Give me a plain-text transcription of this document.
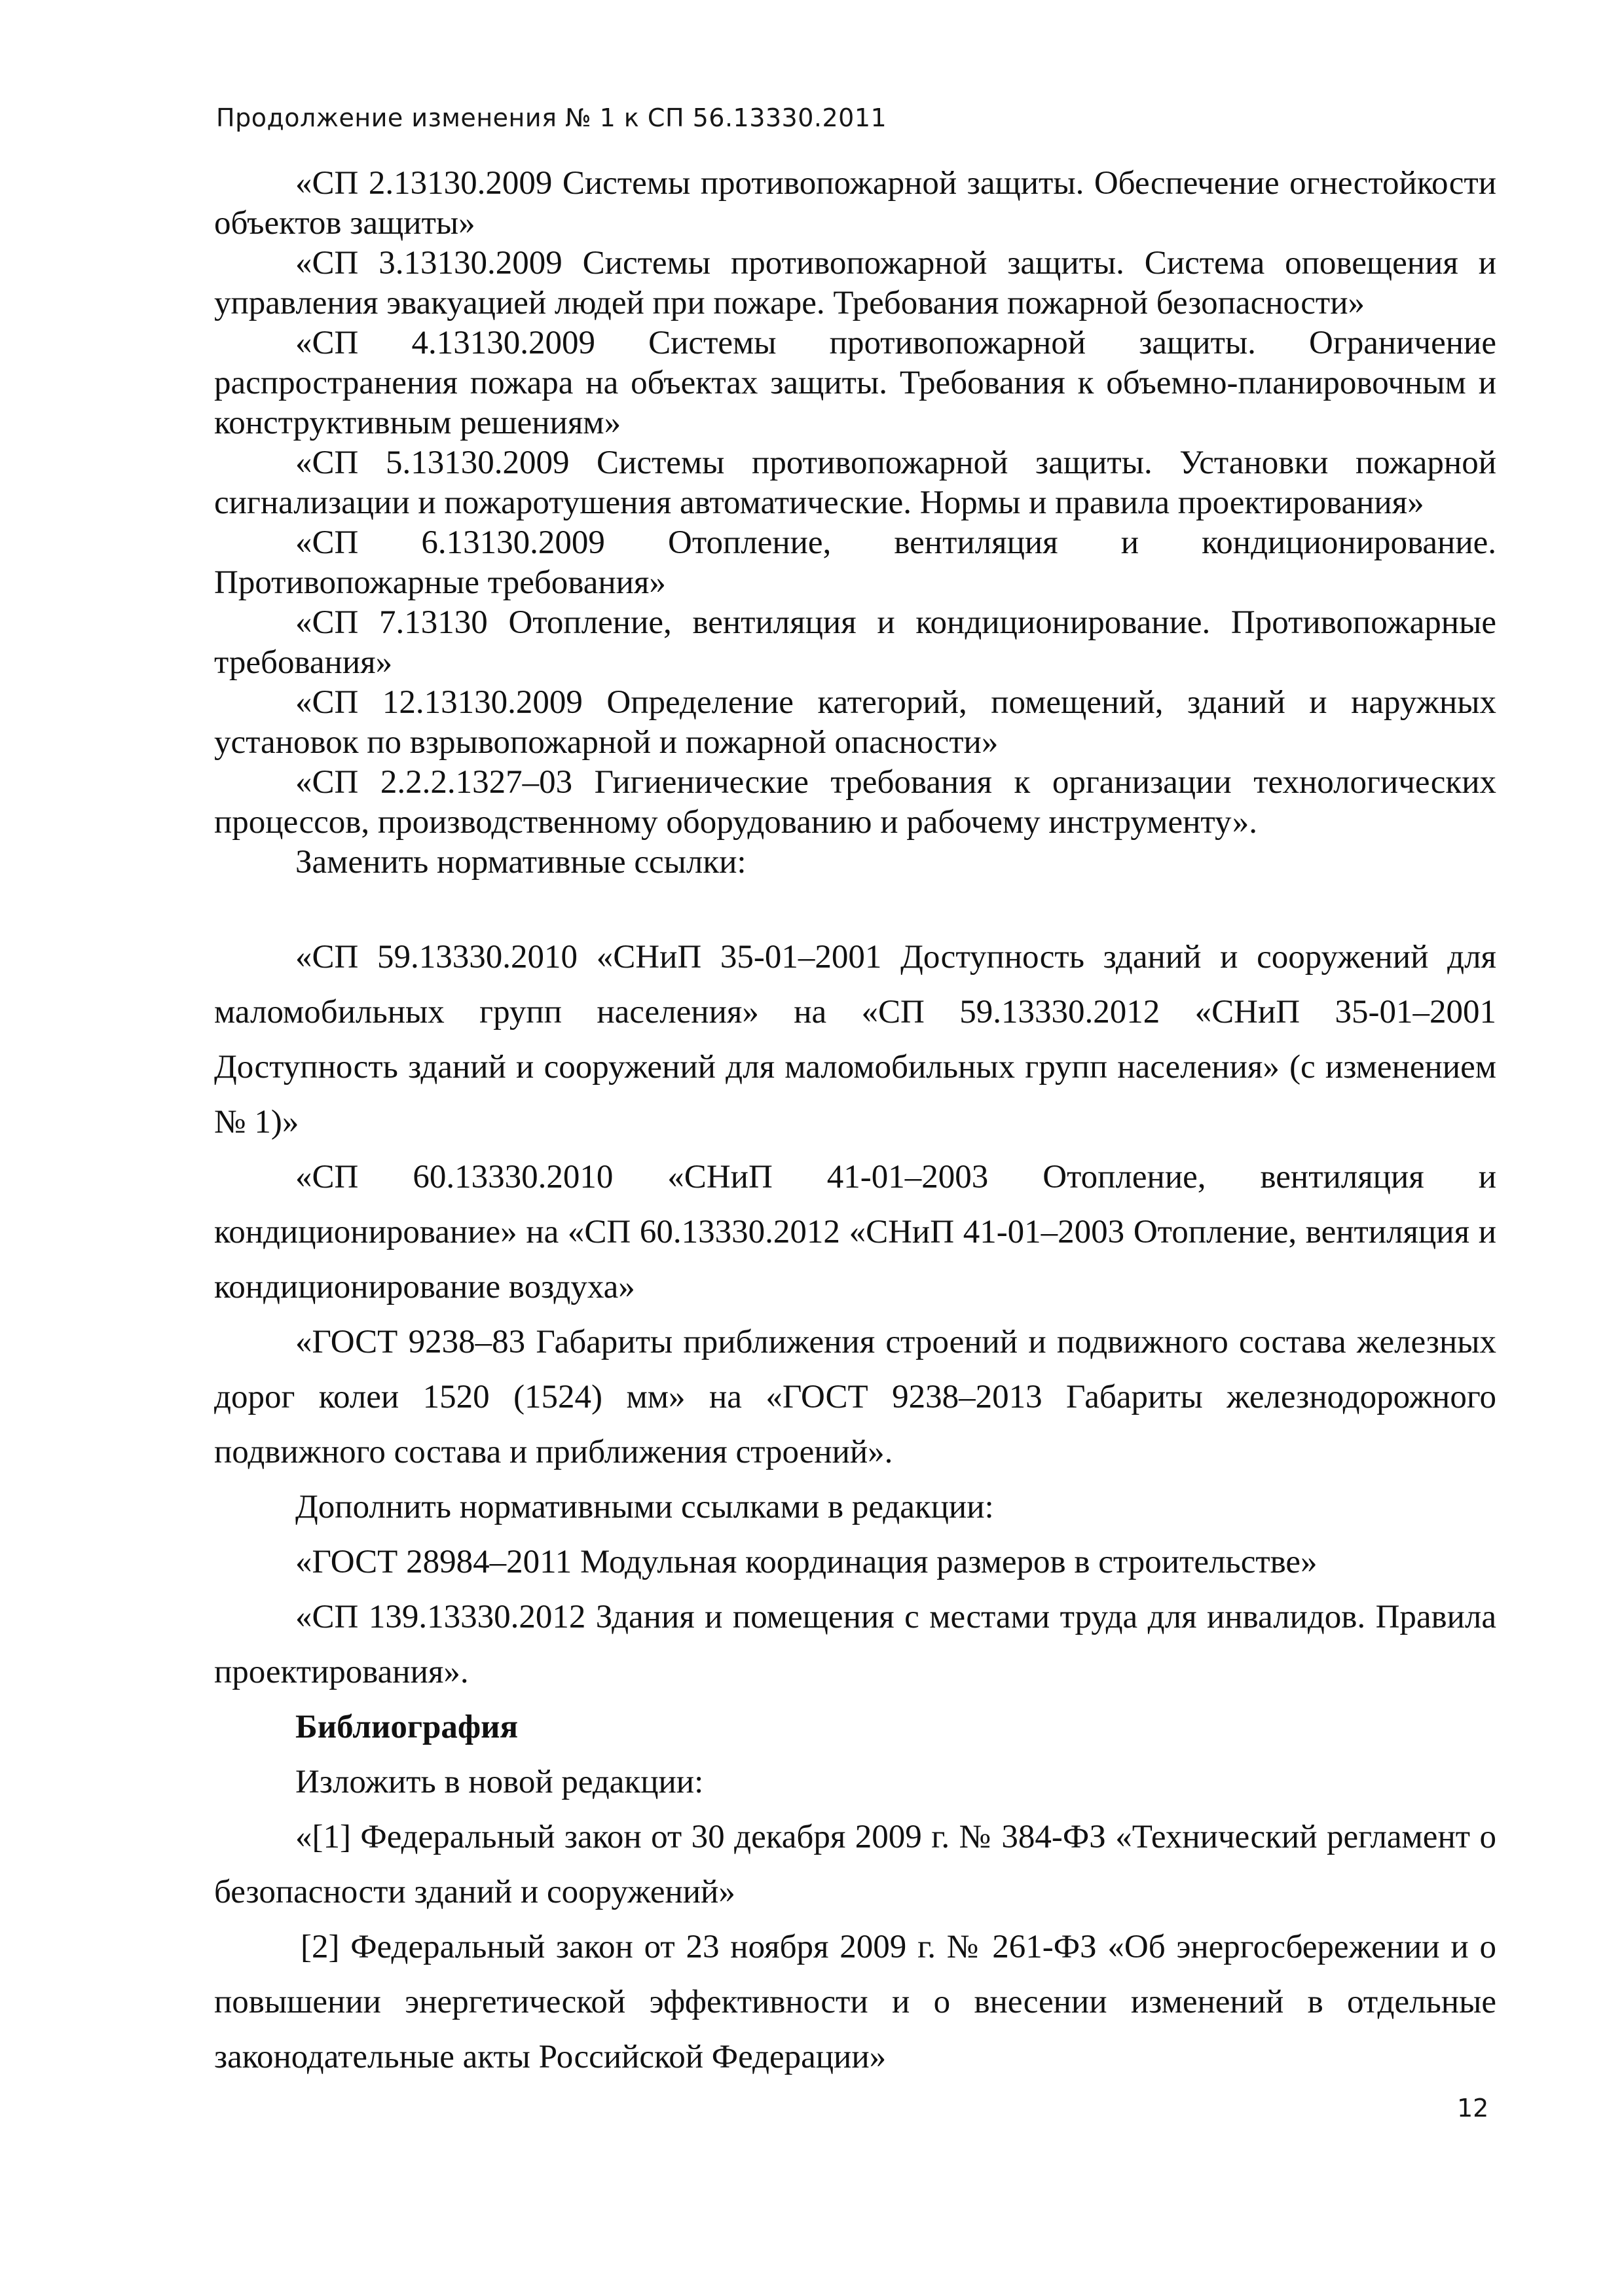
Продолжение изменения № 1 к СП 56.13330.2011

«СП 2.13130.2009 Системы противопожарной защиты. Обеспечение огнестойкости объектов защиты»

«СП 3.13130.2009 Системы противопожарной защиты. Система оповещения и управления эвакуацией людей при пожаре. Требования пожарной безопасности»

«СП 4.13130.2009 Системы противопожарной защиты. Ограничение распространения пожара на объектах защиты. Требования к объемно-планировочным и конструктивным решениям»

«СП 5.13130.2009 Системы противопожарной защиты. Установки пожарной сигнализации и пожаротушения автоматические. Нормы и правила проектирования»

«СП 6.13130.2009 Отопление, вентиляция и кондиционирование. Противопожарные требования»

«СП 7.13130 Отопление, вентиляция и кондиционирование. Противопожарные требования»

«СП 12.13130.2009 Определение категорий, помещений, зданий и наружных установок по взрывопожарной и пожарной опасности»

«СП 2.2.2.1327–03 Гигиенические требования к организации технологических процессов, производственному оборудованию и рабочему инструменту».

Заменить нормативные ссылки:

«СП 59.13330.2010 «СНиП 35-01–2001 Доступность зданий и сооружений для маломобильных групп населения» на «СП 59.13330.2012 «СНиП 35-01–2001 Доступность зданий и сооружений для маломобильных групп населения» (с изменением № 1)»

«СП 60.13330.2010 «СНиП 41-01–2003 Отопление, вентиляция и кондиционирование» на «СП 60.13330.2012 «СНиП 41-01–2003 Отопление, вентиляция и кондиционирование воздуха»

«ГОСТ 9238–83 Габариты приближения строений и подвижного состава железных дорог колеи 1520 (1524) мм» на «ГОСТ 9238–2013 Габариты железнодорожного подвижного состава и приближения строений».

Дополнить нормативными ссылками в редакции:

«ГОСТ 28984–2011 Модульная координация размеров в строительстве»

«СП 139.13330.2012 Здания и помещения с местами труда для инвалидов. Правила проектирования».

Библиография

Изложить в новой редакции:

«[1] Федеральный закон от 30 декабря 2009 г. № 384-ФЗ «Технический регламент о безопасности зданий и сооружений»

[2] Федеральный закон от 23 ноября 2009 г. № 261-ФЗ «Об энергосбережении и о повышении энергетической эффективности и о внесении изменений в отдельные законодательные акты Российской Федерации»

12
